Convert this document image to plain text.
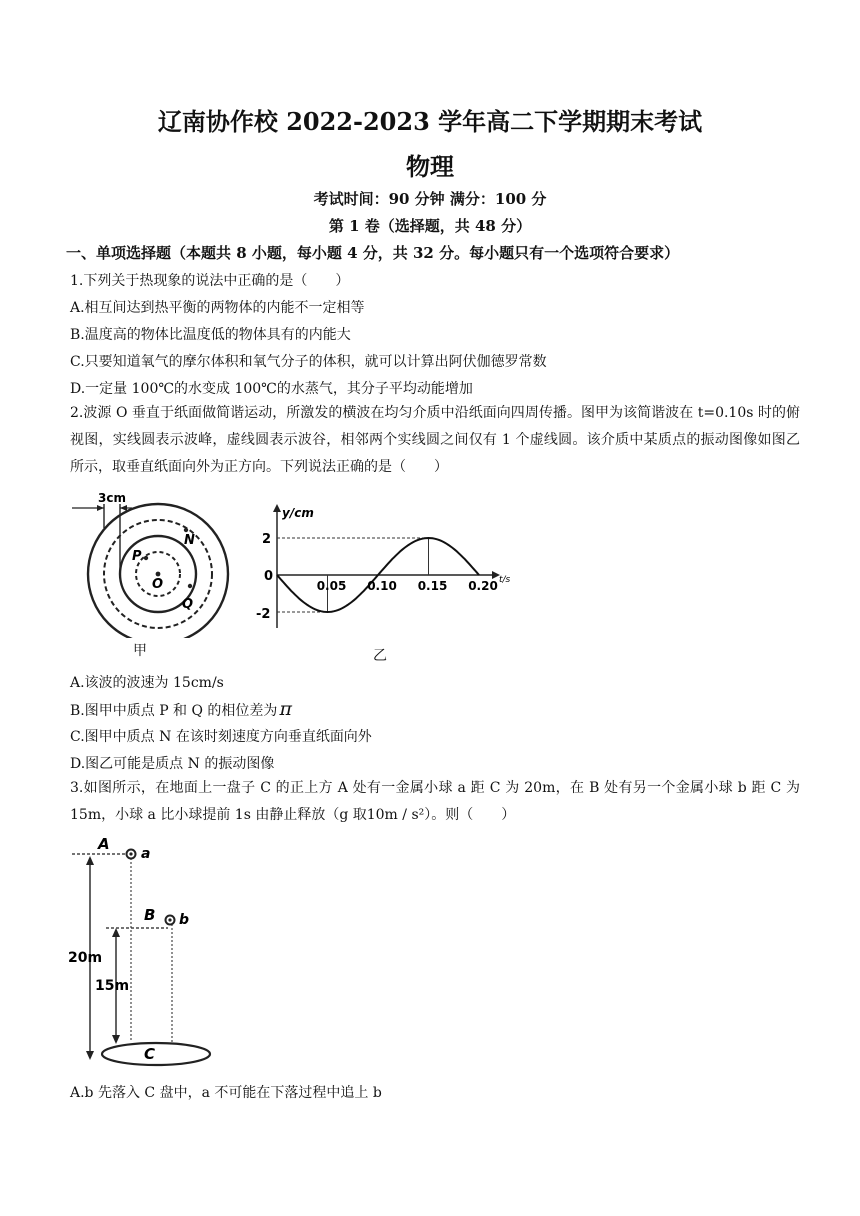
辽南协作校 2022-2023 学年高二下学期期末考试
物理
考试时间：90 分钟 满分：100 分
第 1 卷（选择题，共 48 分）
一、单项选择题（本题共 8 小题，每小题 4 分，共 32 分。每小题只有一个选项符合要求）
1.下列关于热现象的说法中正确的是（　　）
A.相互间达到热平衡的两物体的内能不一定相等
B.温度高的物体比温度低的物体具有的内能大
C.只要知道氧气的摩尔体积和氧气分子的体积，就可以计算出阿伏伽德罗常数
D.一定量 100℃的水变成 100℃的水蒸气，其分子平均动能增加
2.波源 O 垂直于纸面做简谐运动，所激发的横波在均匀介质中沿纸面向四周传播。图甲为该简谐波在 t=0.10s 时的俯视图，实线圆表示波峰，虚线圆表示波谷，相邻两个实线圆之间仅有 1 个虚线圆。该介质中某质点的振动图像如图乙所示，取垂直纸面向外为正方向。下列说法正确的是（　　）
3cm
N
P
O
Q
甲
y/cm
t/s
2
0
-2
0.05 0.10 0.15 0.20
乙
A.该波的波速为 15cm/s
B.图甲中质点 P 和 Q 的相位差为 π
C.图甲中质点 N 在该时刻速度方向垂直纸面向外
D.图乙可能是质点 N 的振动图像
3.如图所示，在地面上一盘子 C 的正上方 A 处有一金属小球 a 距 C 为 20m，在 B 处有另一个金属小球 b 距 C 为 15m，小球 a 比小球提前 1s 由静止释放（g 取10m / s²）。则（　　）
A
a
B b
20m
15m
C
A.b 先落入 C 盘中，a 不可能在下落过程中追上 b
